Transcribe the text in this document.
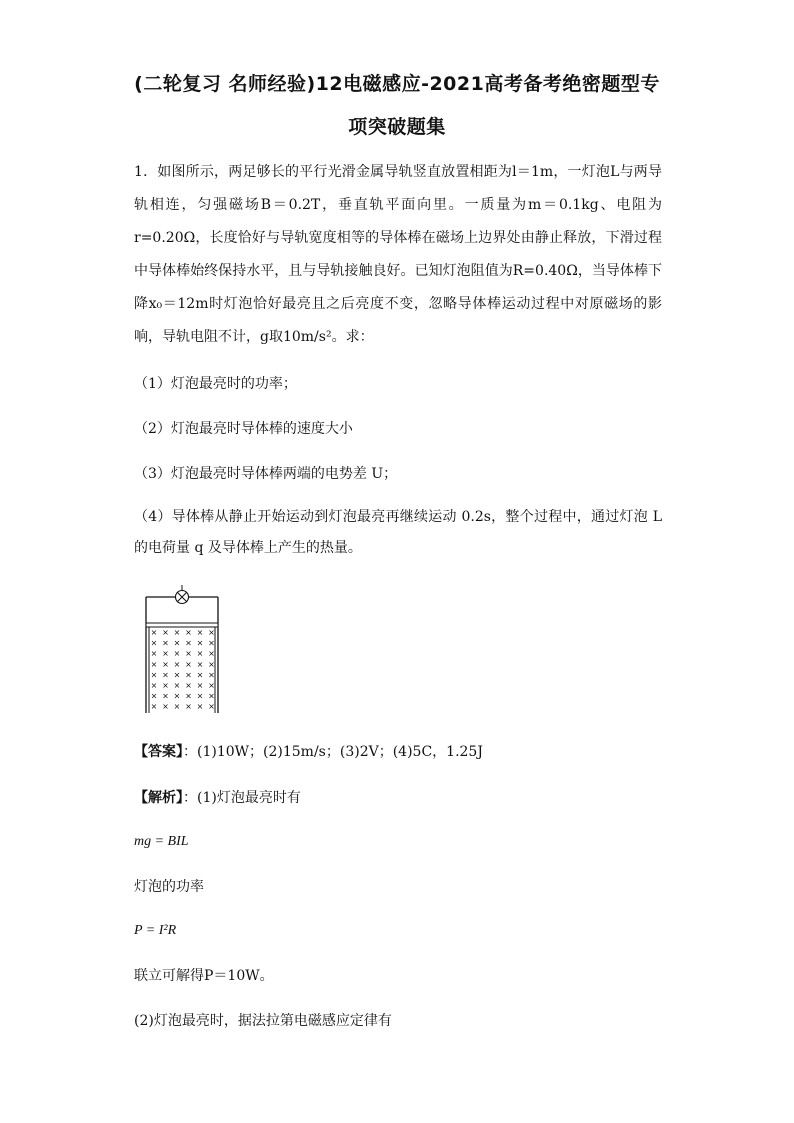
(二轮复习 名师经验)12电磁感应-2021高考备考绝密题型专
项突破题集
1．如图所示，两足够长的平行光滑金属导轨竖直放置相距为l＝1m，一灯泡L与两导轨相连，匀强磁场B＝0.2T，垂直轨平面向里。一质量为m＝0.1kg、电阻为r=0.20Ω，长度恰好与导轨宽度相等的导体棒在磁场上边界处由静止释放，下滑过程中导体棒始终保持水平，且与导轨接触良好。已知灯泡阻值为R=0.40Ω，当导体棒下降x₀＝12m时灯泡恰好最亮且之后亮度不变，忽略导体棒运动过程中对原磁场的影响，导轨电阻不计，g取10m/s²。求：
（1）灯泡最亮时的功率；
（2）灯泡最亮时导体棒的速度大小
（3）灯泡最亮时导体棒两端的电势差 U；
（4）导体棒从静止开始运动到灯泡最亮再继续运动 0.2s，整个过程中，通过灯泡 L 的电荷量 q 及导体棒上产生的热量。
× × × × × ×
× × × × × ×
× × × × × ×
× × × × × ×
× × × × × ×
× × × × × ×
× × × × × ×
× × × × × ×
【答案】：(1)10W；(2)15m/s；(3)2V；(4)5C，1.25J
【解析】：(1)灯泡最亮时有
mg = BIL
灯泡的功率
P = I²R
联立可解得P＝10W。
(2)灯泡最亮时，据法拉第电磁感应定律有
